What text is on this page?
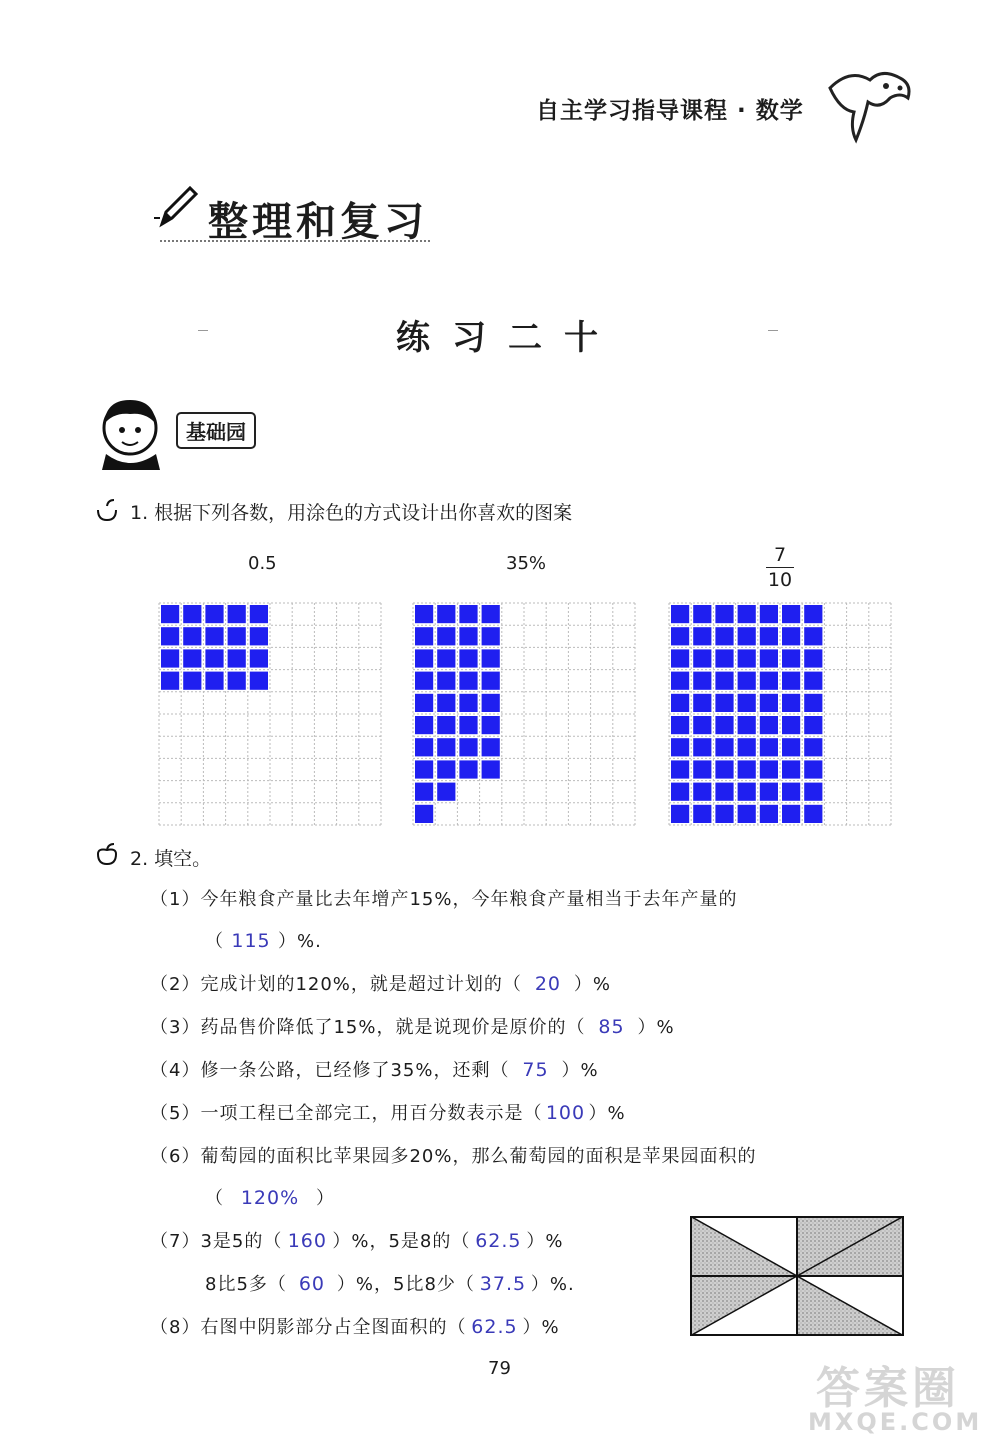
自主学习指导课程 · 数学
整理和复习
练习二十
基础园
1. 根据下列各数，用涂色的方式设计出你喜欢的图案
0.5	35%	7
10
2. 填空。
（1）今年粮食产量比去年增产15%，今年粮食产量相当于去年产量的
（ 115 ）%.
（2）完成计划的120%，就是超过计划的（ 20 ）%
（3）药品售价降低了15%，就是说现价是原价的（ 85 ）%
（4）修一条公路，已经修了35%，还剩（ 75 ）%
（5）一项工程已全部完工，用百分数表示是（ 100 ）%
（6）葡萄园的面积比苹果园多20%，那么葡萄园的面积是苹果园面积的
（ 120% ）
（7）3是5的（ 160 ）%，5是8的（ 62.5 ）%
8比5多（ 60 ）%，5比8少（ 37.5 ）%.
（8）右图中阴影部分占全图面积的（ 62.5 ）%
79	答案圈
MXQE.COM
